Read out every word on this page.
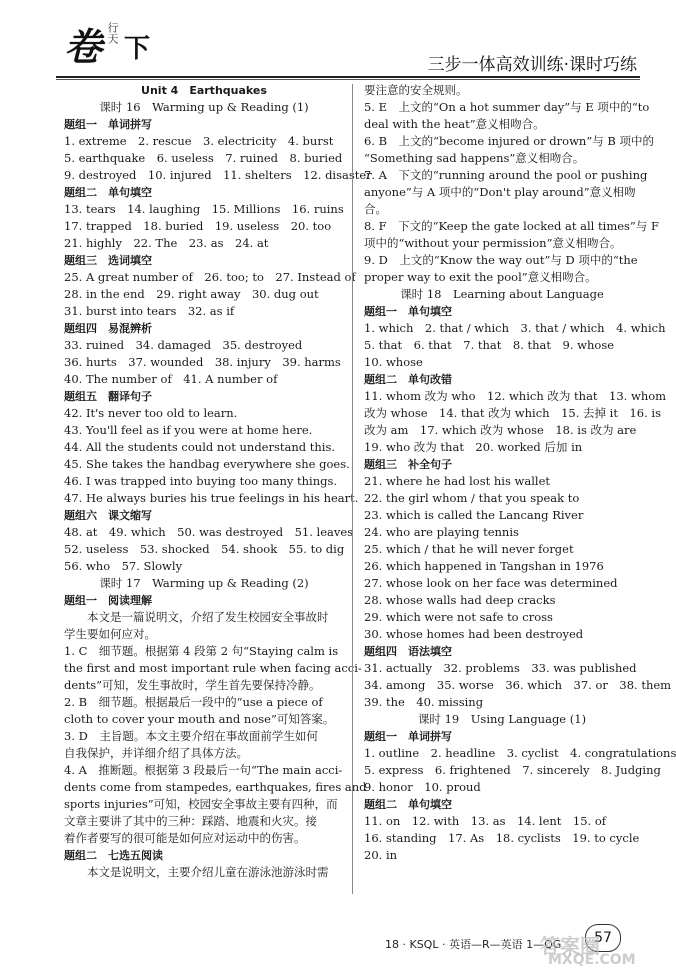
卷 行天
下
三步一体高效训练·课时巧练
Unit 4　Earthquakes
课时 16　Warming up & Reading (1)
题组一　单词拼写
1. extreme　2. rescue　3. electricity　4. burst
5. earthquake　6. useless　7. ruined　8. buried
9. destroyed　10. injured　11. shelters　12. disaster
题组二　单句填空
13. tears　14. laughing　15. Millions　16. ruins
17. trapped　18. buried　19. useless　20. too
21. highly　22. The　23. as　24. at
题组三　选词填空
25. A great number of　26. too; to　27. Instead of
28. in the end　29. right away　30. dug out
31. burst into tears　32. as if
题组四　易混辨析
33. ruined　34. damaged　35. destroyed
36. hurts　37. wounded　38. injury　39. harms
40. The number of　41. A number of
题组五　翻译句子
42. It's never too old to learn.
43. You'll feel as if you were at home here.
44. All the students could not understand this.
45. She takes the handbag everywhere she goes.
46. I was trapped into buying too many things.
47. He always buries his true feelings in his heart.
题组六　课文缩写
48. at　49. which　50. was destroyed　51. leaves
52. useless　53. shocked　54. shook　55. to dig
56. who　57. Slowly
课时 17　Warming up & Reading (2)
题组一　阅读理解
本文是一篇说明文，介绍了发生校园安全事故时
学生要如何应对。
1. C　细节题。根据第 4 段第 2 句“Staying calm is
the first and most important rule when facing acci-
dents”可知，发生事故时，学生首先要保持冷静。
2. B　细节题。根据最后一段中的“use a piece of
cloth to cover your mouth and nose”可知答案。
3. D　主旨题。本文主要介绍在事故面前学生如何
自我保护，并详细介绍了具体方法。
4. A　推断题。根据第 3 段最后一句“The main acci-
dents come from stampedes, earthquakes, fires and
sports injuries”可知，校园安全事故主要有四种，而
文章主要讲了其中的三种：踩踏、地震和火灾。接
着作者要写的很可能是如何应对运动中的伤害。
题组二　七选五阅读
本文是说明文，主要介绍儿童在游泳池游泳时需
要注意的安全规则。
5. E　上文的“On a hot summer day”与 E 项中的“to
deal with the heat”意义相吻合。
6. B　上文的“become injured or drown”与 B 项中的
“Something sad happens”意义相吻合。
7. A　下文的“running around the pool or pushing
anyone”与 A 项中的“Don't play around”意义相吻
合。
8. F　下文的“Keep the gate locked at all times”与 F
项中的“without your permission”意义相吻合。
9. D　上文的“Know the way out”与 D 项中的“the
proper way to exit the pool”意义相吻合。
课时 18　Learning about Language
题组一　单句填空
1. which　2. that / which　3. that / which　4. which
5. that　6. that　7. that　8. that　9. whose
10. whose
题组二　单句改错
11. whom 改为 who　12. which 改为 that　13. whom
改为 whose　14. that 改为 which　15. 去掉 it　16. is
改为 am　17. which 改为 whose　18. is 改为 are
19. who 改为 that　20. worked 后加 in
题组三　补全句子
21. where he had lost his wallet
22. the girl whom / that you speak to
23. which is called the Lancang River
24. who are playing tennis
25. which / that he will never forget
26. which happened in Tangshan in 1976
27. whose look on her face was determined
28. whose walls had deep cracks
29. which were not safe to cross
30. whose homes had been destroyed
题组四　语法填空
31. actually　32. problems　33. was published
34. among　35. worse　36. which　37. or　38. them
39. the　40. missing
课时 19　Using Language (1)
题组一　单词拼写
1. outline　2. headline　3. cyclist　4. congratulations
5. express　6. frightened　7. sincerely　8. Judging
9. honor　10. proud
题组二　单句填空
11. on　12. with　13. as　14. lent　15. of
16. standing　17. As　18. cyclists　19. to cycle
20. in
18 · KSQL · 英语—R—英语 1—QG	57
答案圈
MXQE.COM
